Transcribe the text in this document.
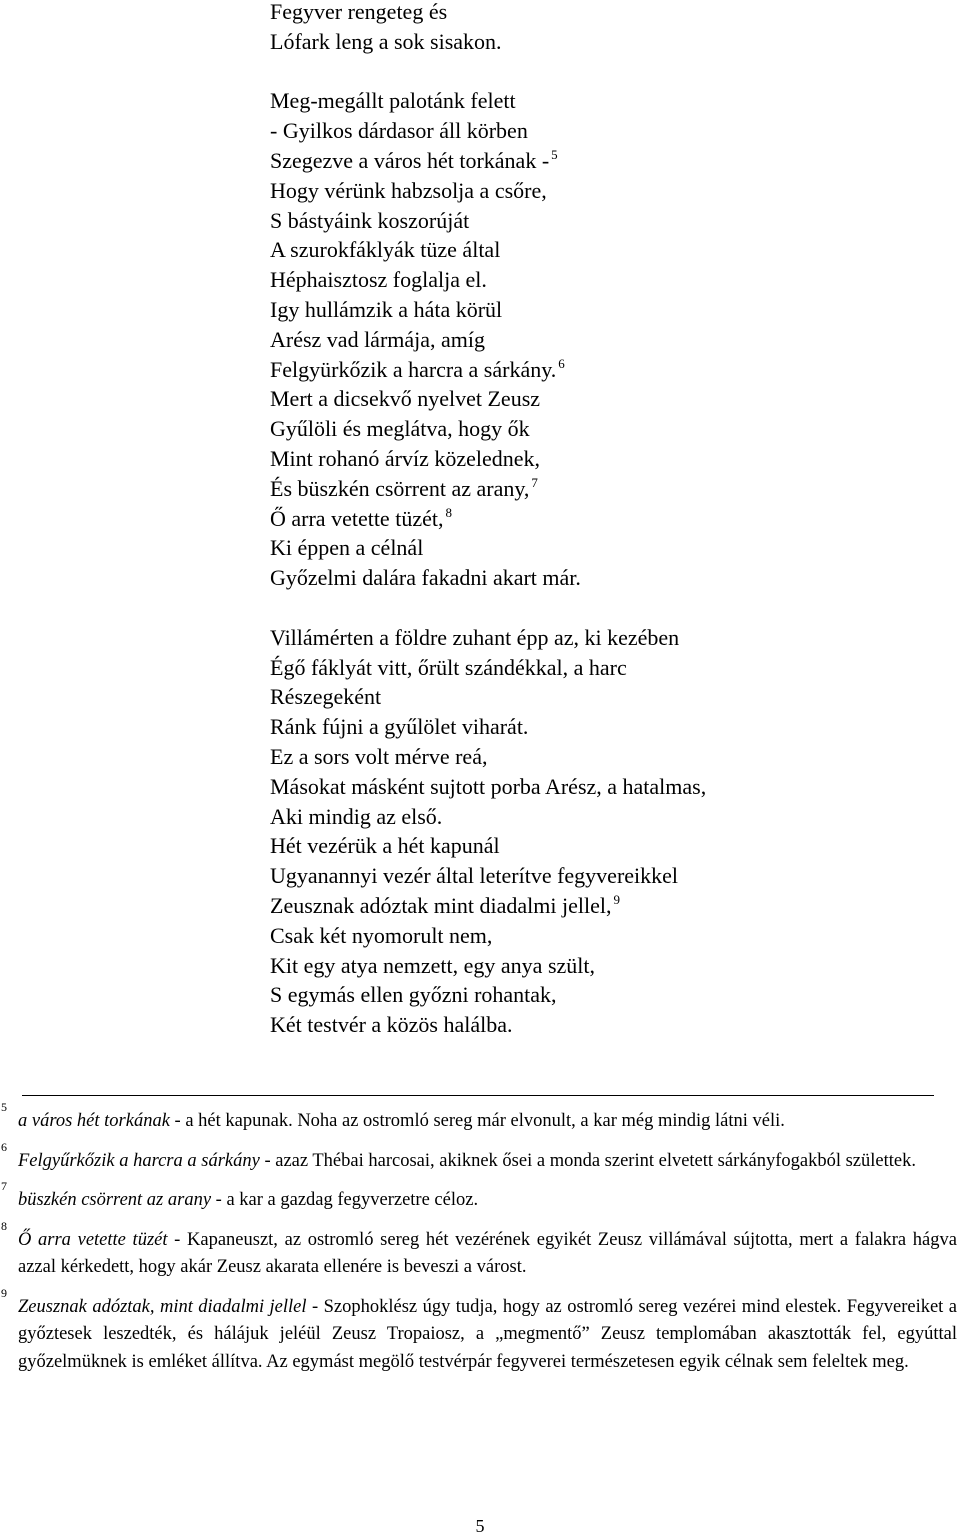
Fegyver rengeteg és
Lófark leng a sok sisakon.
Meg-megállt palotánk felett
- Gyilkos dárdasor áll körben
Szegezve a város hét torkának - $^5$
Hogy vérünk habzsolja a csőre,
S bástyáink koszorúját
A szurokfáklyák tüze által
Héphaisztosz foglalja el.
Igy hullámzik a háta körül
Arész vad lármája, amíg
Felgyürkőzik a harcra a sárkány. $^6$
Mert a dicsekvő nyelvet Zeusz
Gyűlöli és meglátva, hogy ők
Mint rohanó árvíz közelednek,
És büszkén csörrent az arany, $^7$
Ő arra vetette tüzét, $^8$
Ki éppen a célnál
Győzelmi dalára fakadni akart már.
Villámérten a földre zuhant épp az, ki kezében
Égő fáklyát vitt, őrült szándékkal, a harc
Részegeként
Ránk fújni a gyűlölet viharát.
Ez a sors volt mérve reá,
Másokat másként sujtott porba Arész, a hatalmas,
Aki mindig az első.
Hét vezérük a hét kapunál
Ugyanannyi vezér által leterítve fegyvereikkel
Zeusznak adóztak mint diadalmi jellel, $^9$
Csak két nyomorult nem,
Kit egy atya nemzett, egy anya szült,
S egymás ellen győzni rohantak,
Két testvér a közös halálba.
5
a város hét torkának - a hét kapunak. Noha az ostromló sereg már elvonult, a kar még mindig látni véli.
6
Felgyűrkőzik a harcra a sárkány - azaz Thébai harcosai, akiknek ősei a monda szerint elvetett sárkányfogakból születtek.
7
büszkén csörrent az arany - a kar a gazdag fegyverzetre céloz.
8
Ő arra vetette tüzét - Kapaneuszt, az ostromló sereg hét vezérének egyikét Zeusz villámával sújtotta, mert a falakra hágva azzal kérkedett, hogy akár Zeusz akarata ellenére is beveszi a várost.
9
Zeusznak adóztak, mint diadalmi jellel - Szophoklész úgy tudja, hogy az ostromló sereg vezérei mind elestek. Fegyvereiket a győztesek leszedték, és hálájuk jeléül Zeusz Tropaiosz, a „megmentő” Zeusz templomában akasztották fel, egyúttal győzelmüknek is emléket állítva. Az egymást megölő testvérpár fegyverei természetesen egyik célnak sem feleltek meg.
5
